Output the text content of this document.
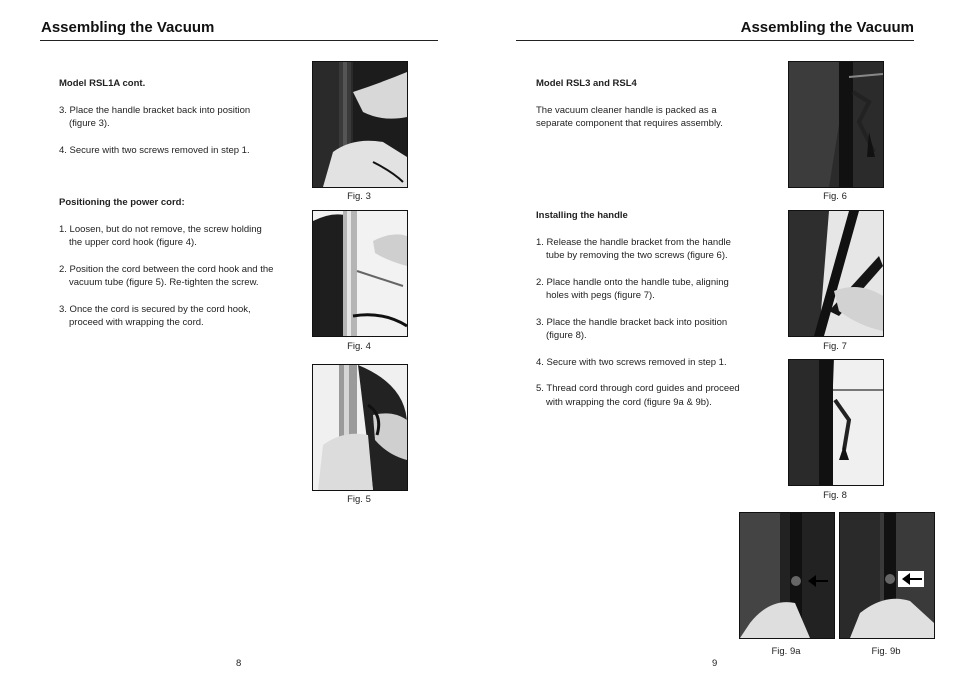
Assembling the Vacuum
Model RSL1A cont.

3. Place the handle bracket back into position (figure 3).

4. Secure with two screws removed in step 1.

Positioning the power cord:

1. Loosen, but do not remove, the screw holding the upper cord hook (figure 4).

2. Position the cord between the cord hook and the vacuum tube (figure 5). Re-tighten the screw.

3. Once the cord is secured by the cord hook, proceed with wrapping the cord.

Fig. 3
Fig. 4
Fig. 5
8
Assembling the Vacuum
Model RSL3 and RSL4

The vacuum cleaner handle is packed as a separate component that requires assembly.

Installing the handle

1. Release the handle bracket from the handle tube by removing the two screws (figure 6).

2. Place handle onto the handle tube, aligning holes with pegs (figure 7).

3. Place the handle bracket back into position (figure 8).

4. Secure with two screws removed in step 1.

5. Thread cord through cord guides and proceed with wrapping the cord (figure 9a & 9b).

Fig. 6
Fig. 7
Fig. 8
Fig. 9a	Fig. 9b
9
